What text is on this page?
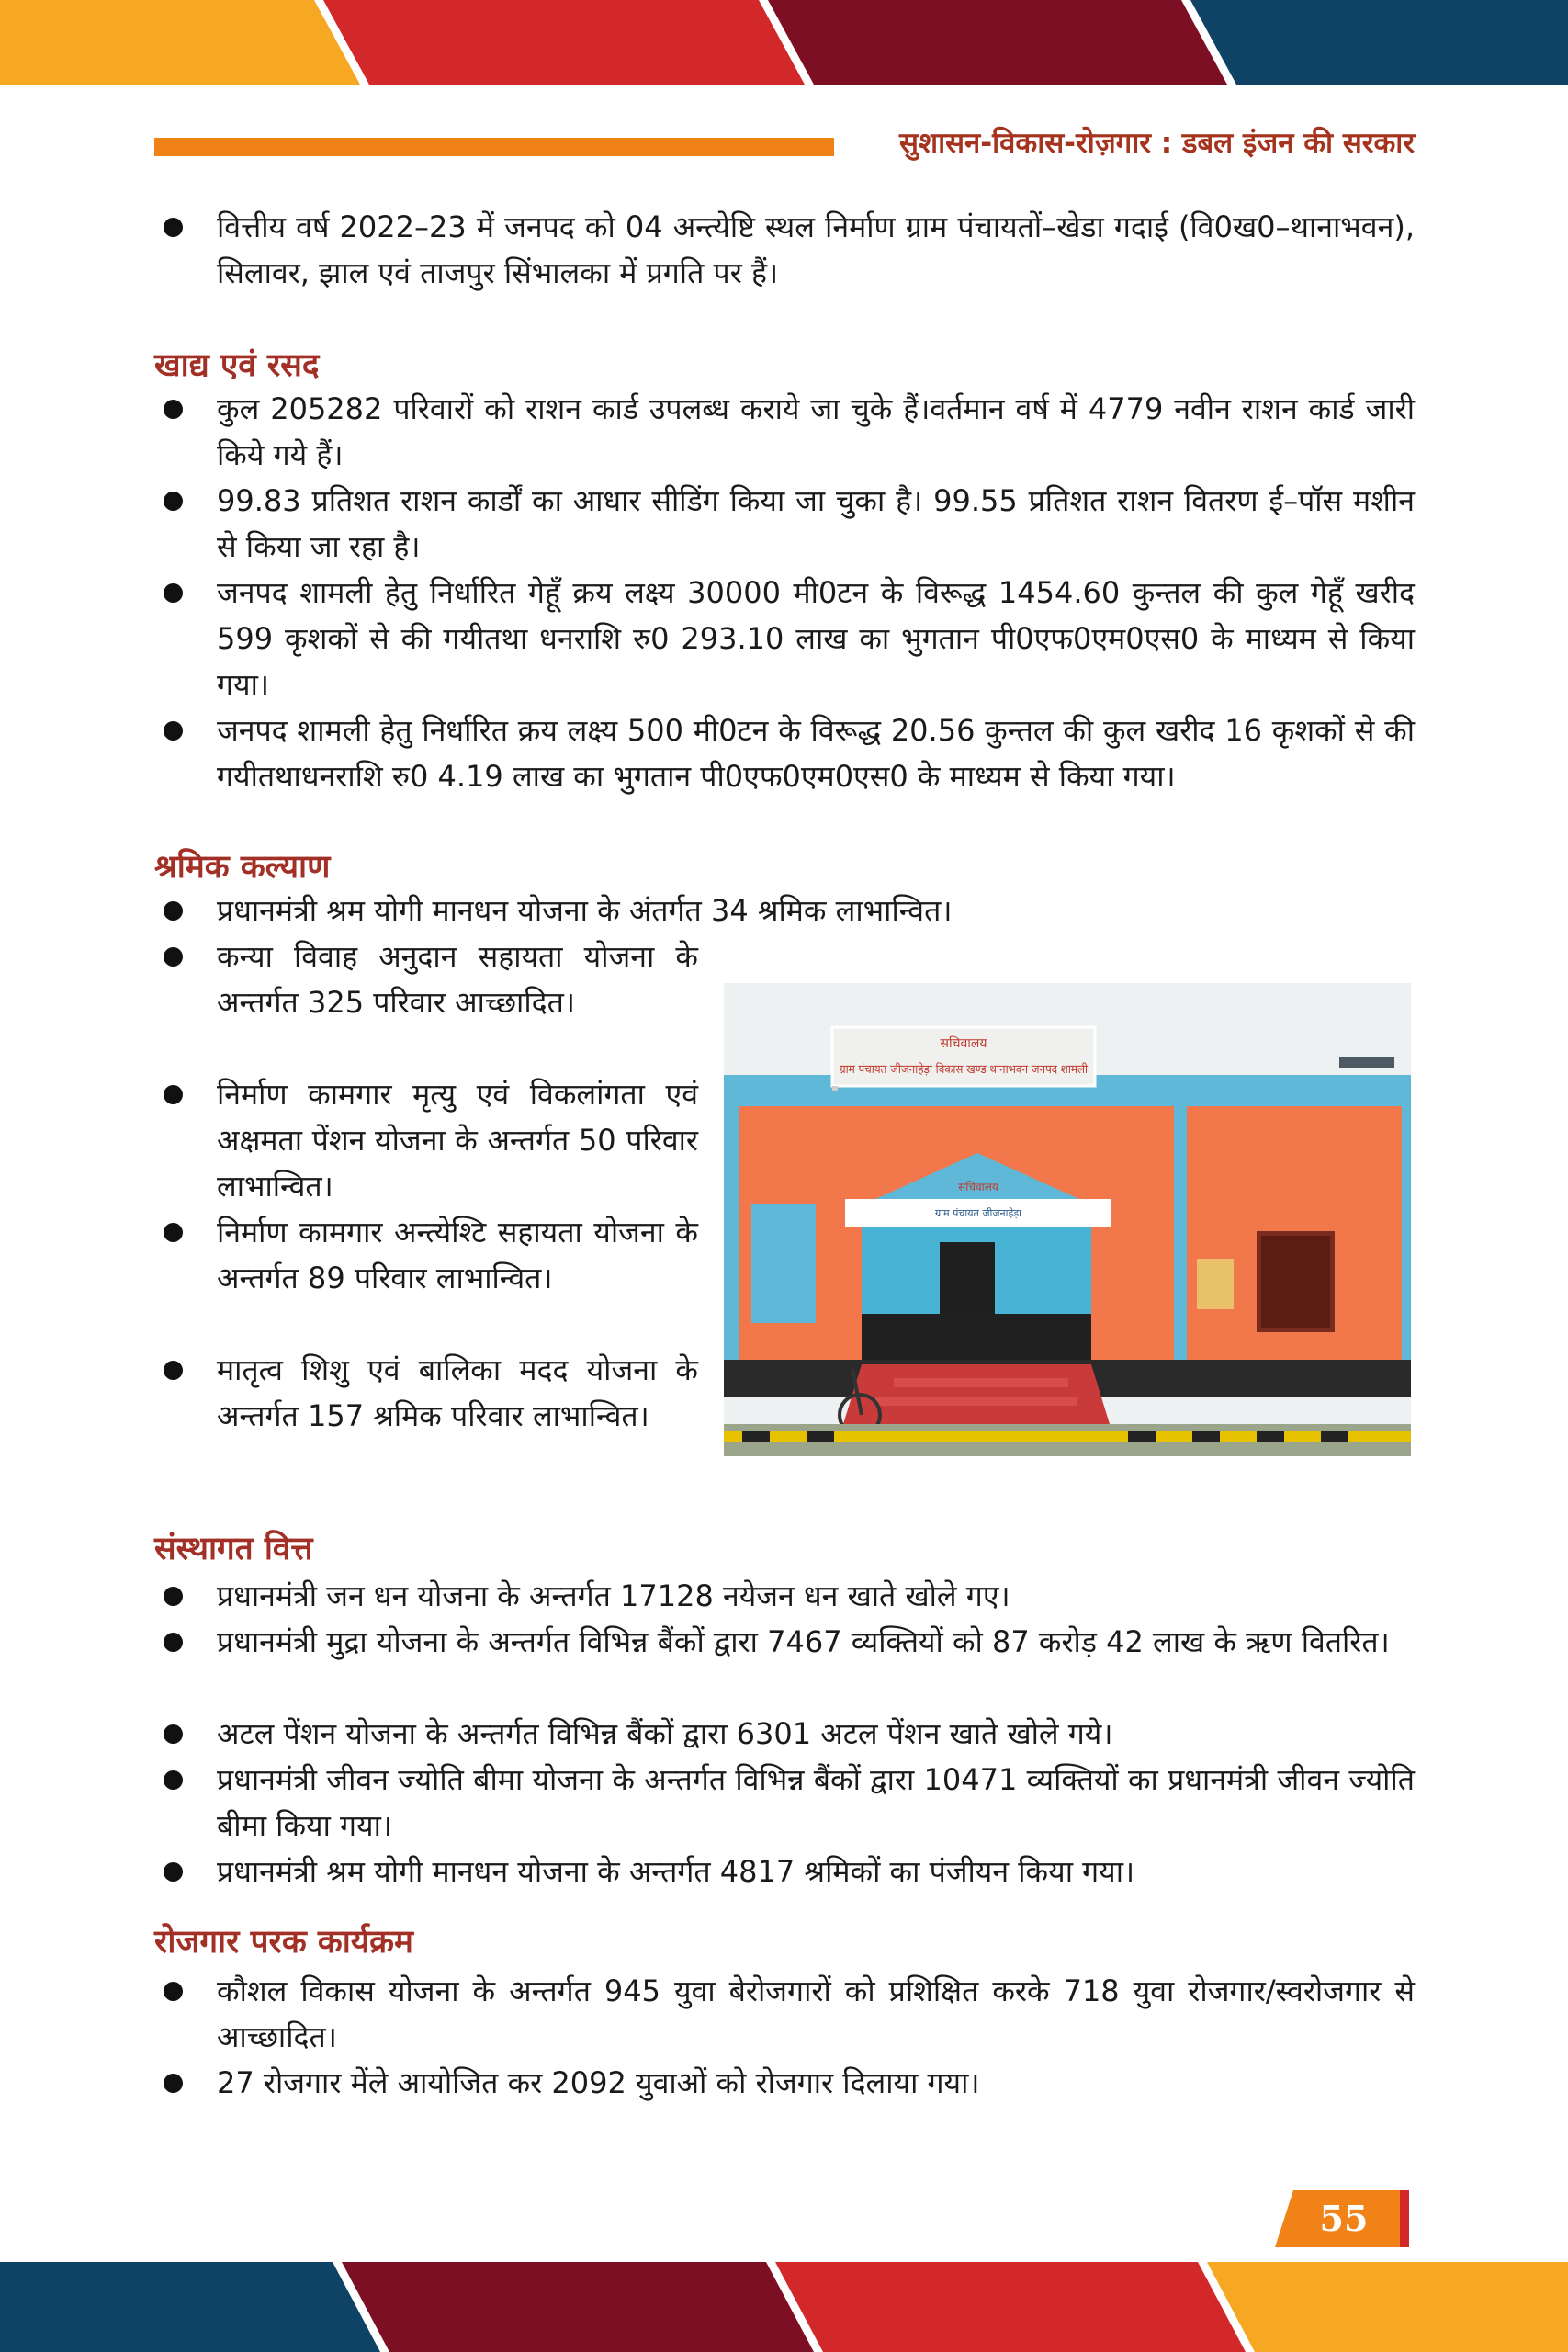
सुशासन-विकास-रोज़गार : डबल इंजन की सरकार
वित्तीय वर्ष 2022–23 में जनपद को 04 अन्त्येष्टि स्थल निर्माण ग्राम पंचायतों–खेडा गदाई (वि0ख0–थानाभवन), सिलावर, झाल एवं ताजपुर सिंभालका में प्रगति पर हैं।
खाद्य एवं रसद
कुल 205282 परिवारों को राशन कार्ड उपलब्ध कराये जा चुके हैं।वर्तमान वर्ष में 4779 नवीन राशन कार्ड जारी किये गये हैं।
99.83 प्रतिशत राशन कार्डों का आधार सीडिंग किया जा चुका है। 99.55 प्रतिशत राशन वितरण ई–पॉस मशीन से किया जा रहा है।
जनपद शामली हेतु निर्धारित गेहूँ क्रय लक्ष्य 30000 मी0टन के विरूद्ध 1454.60 कुन्तल की कुल गेहूँ खरीद 599 कृशकों से की गयीतथा धनराशि रु0 293.10 लाख का भुगतान पी0एफ0एम0एस0 के माध्यम से किया गया।
जनपद शामली हेतु निर्धारित क्रय लक्ष्य 500 मी0टन के विरूद्ध 20.56 कुन्तल की कुल खरीद 16 कृशकों से की गयीतथाधनराशि रु0 4.19 लाख का भुगतान पी0एफ0एम0एस0 के माध्यम से किया गया।
श्रमिक कल्याण
प्रधानमंत्री श्रम योगी मानधन योजना के अंतर्गत 34 श्रमिक लाभान्वित।
कन्या विवाह अनुदान सहायता योजना के अन्तर्गत 325 परिवार आच्छादित।
निर्माण कामगार मृत्यु एवं विकलांगता एवं अक्षमता पेंशन योजना के अन्तर्गत 50 परिवार लाभान्वित।
निर्माण कामगार अन्त्येश्टि सहायता योजना के अन्तर्गत 89 परिवार लाभान्वित।
मातृत्व शिशु एवं बालिका मदद योजना के अन्तर्गत 157 श्रमिक परिवार लाभान्वित।
सचिवालय
ग्राम पंचायत जीजनाहेड़ा विकास खण्ड थानाभवन जनपद शामली
सचिवालय
ग्राम पंचायत जीजनाहेड़ा
संस्थागत वित्त
प्रधानमंत्री जन धन योजना के अन्तर्गत 17128 नयेजन धन खाते खोले गए।
प्रधानमंत्री मुद्रा योजना के अन्तर्गत विभिन्न बैंकों द्वारा 7467 व्यक्तियों को 87 करोड़ 42 लाख के ऋण वितरित।
अटल पेंशन योजना के अन्तर्गत विभिन्न बैंकों द्वारा 6301 अटल पेंशन खाते खोले गये।
प्रधानमंत्री जीवन ज्योति बीमा योजना के अन्तर्गत विभिन्न बैंकों द्वारा 10471 व्यक्तियों का प्रधानमंत्री जीवन ज्योति बीमा किया गया।
प्रधानमंत्री श्रम योगी मानधन योजना के अन्तर्गत 4817 श्रमिकों का पंजीयन किया गया।
रोजगार परक कार्यक्रम
कौशल विकास योजना के अन्तर्गत 945 युवा बेरोजगारों को प्रशिक्षित करके 718 युवा रोजगार/स्वरोजगार से आच्छादित।
27 रोजगार मेंले आयोजित कर 2092 युवाओं को रोजगार दिलाया गया।
55
